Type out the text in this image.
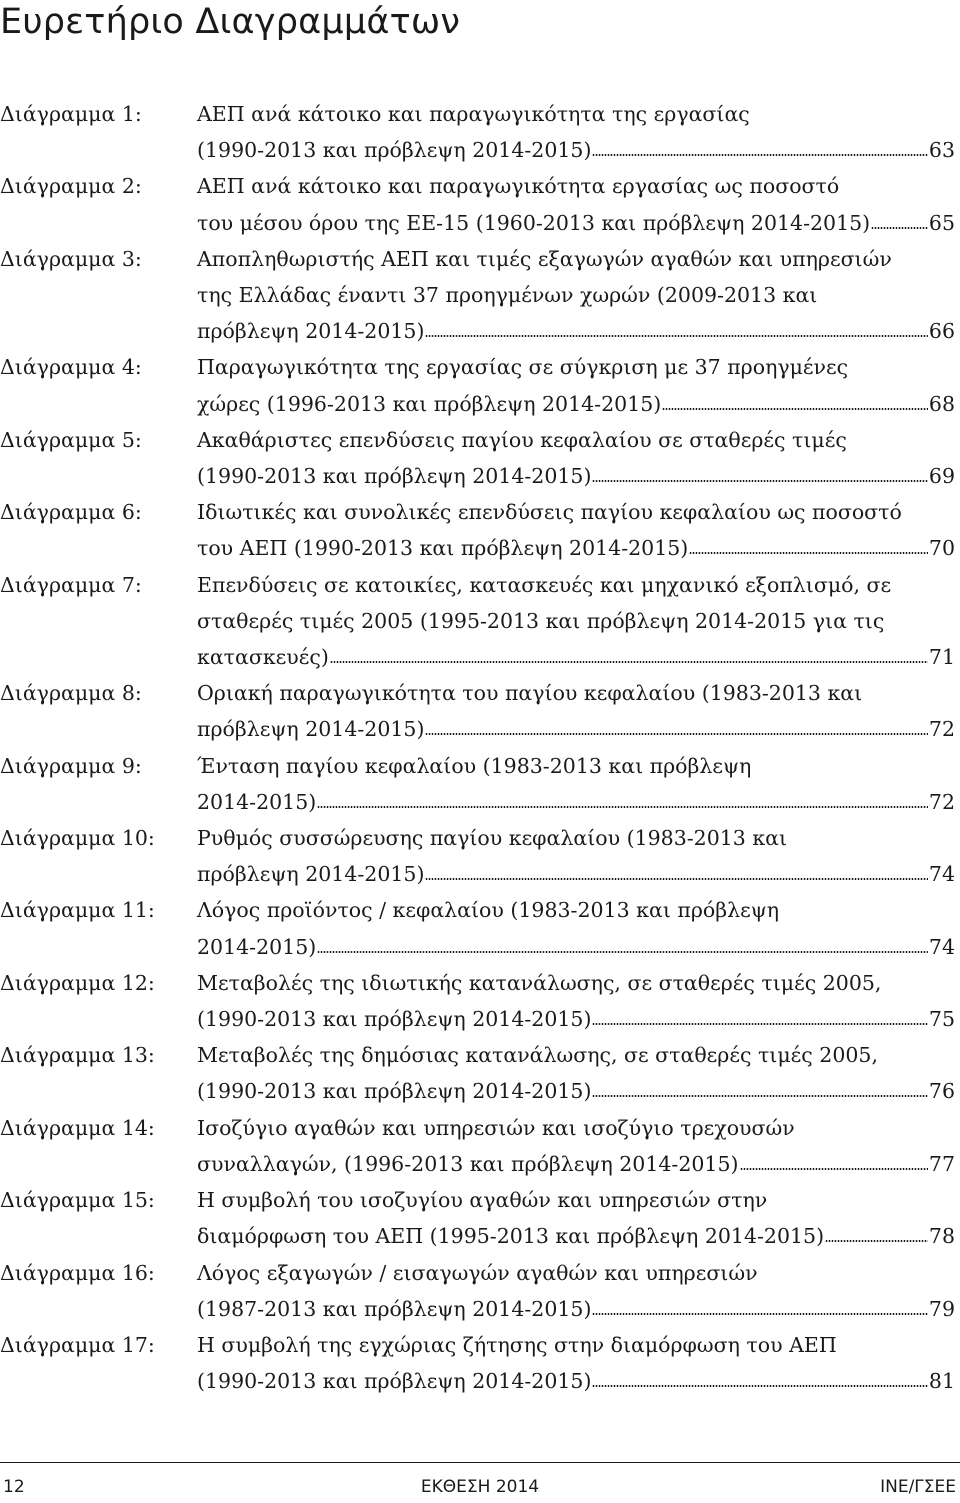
Ευρετήριο Διαγραμμάτων
Διάγραμμα 1:	ΑΕΠ ανά κάτοικο και παραγωγικότητα της εργασίας
(1990-2013 και πρόβλεψη 2014-2015)	63
Διάγραμμα 2:	ΑΕΠ ανά κάτοικο και παραγωγικότητα εργασίας ως ποσοστό
του μέσου όρου της ΕΕ-15 (1960-2013 και πρόβλεψη 2014-2015)	65
Διάγραμμα 3:	Αποπληθωριστής ΑΕΠ και τιμές εξαγωγών αγαθών και υπηρεσιών
της Ελλάδας έναντι 37 προηγμένων χωρών (2009-2013 και
πρόβλεψη 2014-2015)	66
Διάγραμμα 4:	Παραγωγικότητα της εργασίας σε σύγκριση με 37 προηγμένες
χώρες (1996-2013 και πρόβλεψη 2014-2015)	68
Διάγραμμα 5:	Ακαθάριστες επενδύσεις παγίου κεφαλαίου σε σταθερές τιμές
(1990-2013 και πρόβλεψη 2014-2015)	69
Διάγραμμα 6:	Ιδιωτικές και συνολικές επενδύσεις παγίου κεφαλαίου ως ποσοστό
του ΑΕΠ (1990-2013 και πρόβλεψη 2014-2015)	70
Διάγραμμα 7:	Επενδύσεις σε κατοικίες, κατασκευές και μηχανικό εξοπλισμό, σε
σταθερές τιμές 2005 (1995-2013 και πρόβλεψη 2014-2015 για τις
κατασκευές)	71
Διάγραμμα 8:	Οριακή παραγωγικότητα του παγίου κεφαλαίου (1983-2013 και
πρόβλεψη 2014-2015)	72
Διάγραμμα 9:	Ένταση παγίου κεφαλαίου (1983-2013 και πρόβλεψη
2014-2015)	72
Διάγραμμα 10:	Ρυθμός συσσώρευσης παγίου κεφαλαίου (1983-2013 και
πρόβλεψη 2014-2015)	74
Διάγραμμα 11:	Λόγος προϊόντος / κεφαλαίου (1983-2013 και πρόβλεψη
2014-2015)	74
Διάγραμμα 12:	Μεταβολές της ιδιωτικής κατανάλωσης, σε σταθερές τιμές 2005,
(1990-2013 και πρόβλεψη 2014-2015)	75
Διάγραμμα 13:	Μεταβολές της δημόσιας κατανάλωσης, σε σταθερές τιμές 2005,
(1990-2013 και πρόβλεψη 2014-2015)	76
Διάγραμμα 14:	Ισοζύγιο αγαθών και υπηρεσιών και ισοζύγιο τρεχουσών
συναλλαγών, (1996-2013 και πρόβλεψη 2014-2015)	77
Διάγραμμα 15:	Η συμβολή του ισοζυγίου αγαθών και υπηρεσιών στην
διαμόρφωση του ΑΕΠ (1995-2013 και πρόβλεψη 2014-2015)	78
Διάγραμμα 16:	Λόγος εξαγωγών / εισαγωγών αγαθών και υπηρεσιών
(1987-2013 και πρόβλεψη 2014-2015)	79
Διάγραμμα 17:	Η συμβολή της εγχώριας ζήτησης στην διαμόρφωση του ΑΕΠ
(1990-2013 και πρόβλεψη 2014-2015)	81
12	ΕΚΘΕΣΗ 2014	ΙΝΕ/ΓΣΕΕ
